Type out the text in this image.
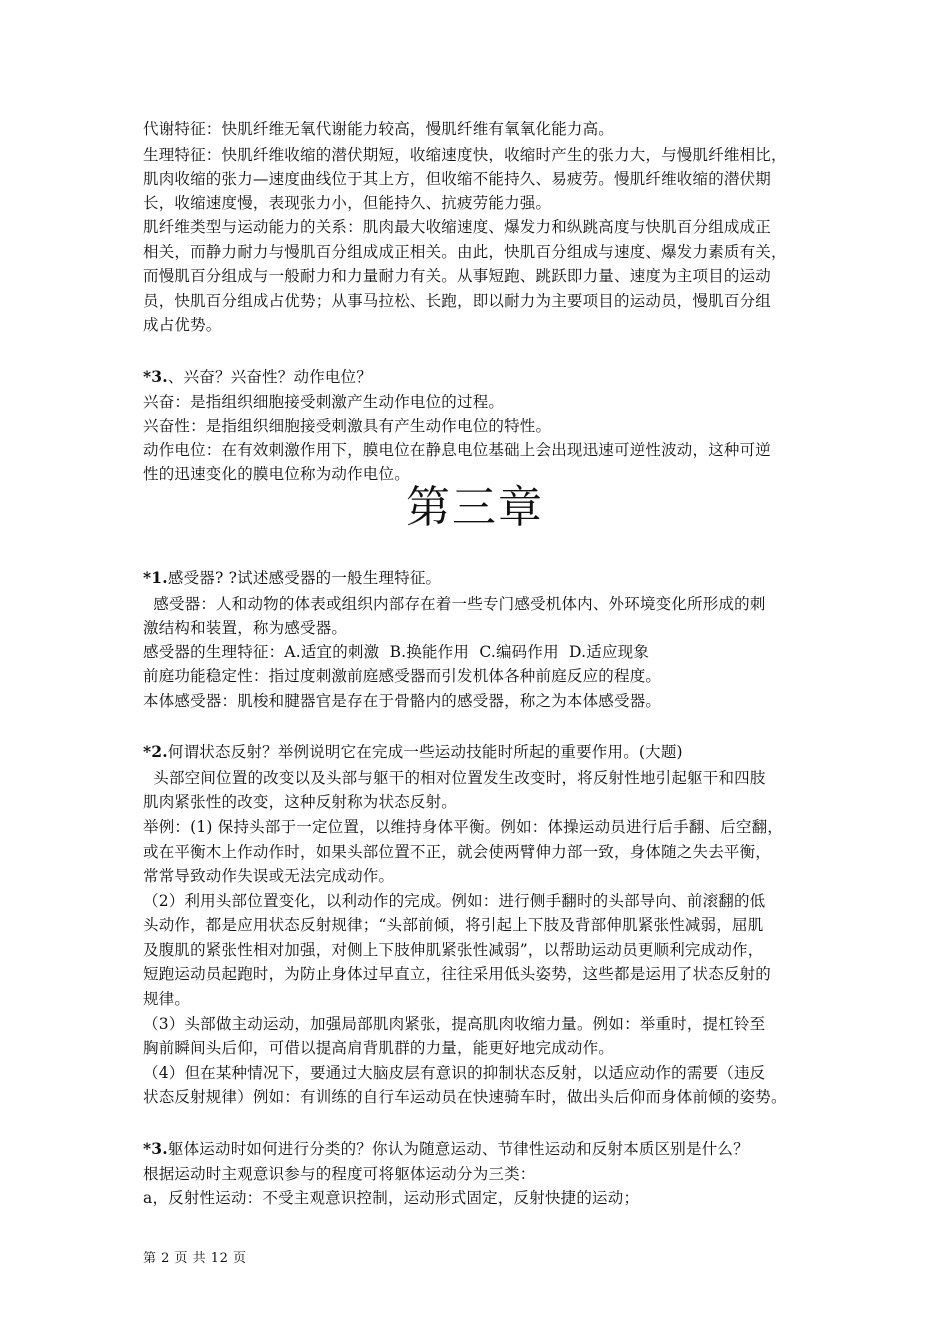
代谢特征：快肌纤维无氧代谢能力较高，慢肌纤维有氧氧化能力高。
生理特征：快肌纤维收缩的潜伏期短，收缩速度快，收缩时产生的张力大，与慢肌纤维相比，
肌肉收缩的张力—速度曲线位于其上方，但收缩不能持久、易疲劳。慢肌纤维收缩的潜伏期
长，收缩速度慢，表现张力小，但能持久、抗疲劳能力强。
肌纤维类型与运动能力的关系：肌肉最大收缩速度、爆发力和纵跳高度与快肌百分组成成正
相关，而静力耐力与慢肌百分组成成正相关。由此，快肌百分组成与速度、爆发力素质有关，
而慢肌百分组成与一般耐力和力量耐力有关。从事短跑、跳跃即力量、速度为主项目的运动
员，快肌百分组成占优势；从事马拉松、长跑，即以耐力为主要项目的运动员，慢肌百分组
成占优势。
*3.、兴奋？兴奋性？动作电位？
兴奋：是指组织细胞接受刺激产生动作电位的过程。
兴奋性：是指组织细胞接受刺激具有产生动作电位的特性。
动作电位：在有效刺激作用下，膜电位在静息电位基础上会出现迅速可逆性波动，这种可逆
性的迅速变化的膜电位称为动作电位。
第三章
*1.感受器? ?试述感受器的一般生理特征。
感受器：人和动物的体表或组织内部存在着一些专门感受机体内、外环境变化所形成的刺
激结构和装置，称为感受器。
感受器的生理特征：A.适宜的刺激  B.换能作用  C.编码作用  D.适应现象
前庭功能稳定性：指过度刺激前庭感受器而引发机体各种前庭反应的程度。
本体感受器：肌梭和腱器官是存在于骨骼内的感受器，称之为本体感受器。
*2.何谓状态反射？举例说明它在完成一些运动技能时所起的重要作用。(大题)
头部空间位置的改变以及头部与躯干的相对位置发生改变时，将反射性地引起躯干和四肢
肌肉紧张性的改变，这种反射称为状态反射。
举例：(1) 保持头部于一定位置，以维持身体平衡。例如：体操运动员进行后手翻、后空翻，
或在平衡木上作动作时，如果头部位置不正，就会使两臂伸力部一致，身体随之失去平衡，
常常导致动作失误或无法完成动作。
（2）利用头部位置变化，以利动作的完成。例如：进行侧手翻时的头部导向、前滚翻的低
头动作，都是应用状态反射规律；“头部前倾，将引起上下肢及背部伸肌紧张性减弱，屈肌
及腹肌的紧张性相对加强，对侧上下肢伸肌紧张性减弱”，以帮助运动员更顺利完成动作，
短跑运动员起跑时，为防止身体过早直立，往往采用低头姿势，这些都是运用了状态反射的
规律。
（3）头部做主动运动，加强局部肌肉紧张，提高肌肉收缩力量。例如：举重时，提杠铃至
胸前瞬间头后仰，可借以提高肩背肌群的力量，能更好地完成动作。
（4）但在某种情况下，要通过大脑皮层有意识的抑制状态反射，以适应动作的需要（违反
状态反射规律）例如：有训练的自行车运动员在快速骑车时，做出头后仰而身体前倾的姿势。
*3.躯体运动时如何进行分类的？你认为随意运动、节律性运动和反射本质区别是什么？
根据运动时主观意识参与的程度可将躯体运动分为三类：
a，反射性运动：不受主观意识控制，运动形式固定，反射快捷的运动；
第 2 页 共 12 页
